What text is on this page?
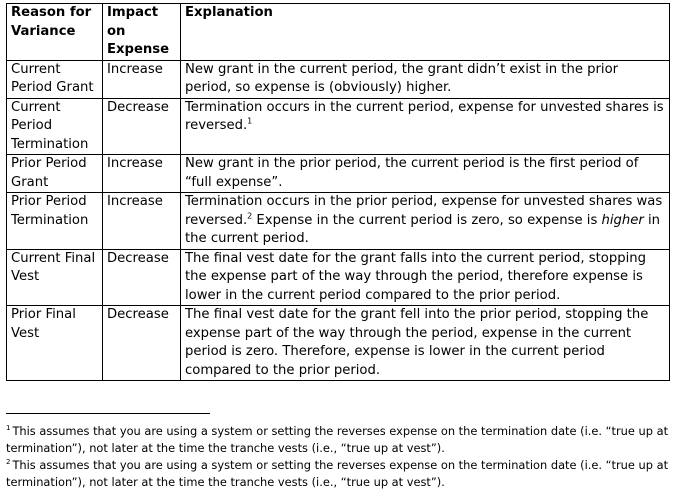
Reason for Variance	Impact on Expense	Explanation
Current Period Grant	Increase	New grant in the current period, the grant didn’t exist in the prior period, so expense is (obviously) higher.
Current Period Termination	Decrease	Termination occurs in the current period, expense for unvested shares is reversed.$^1$
Prior Period Grant	Increase	New grant in the prior period, the current period is the first period of “full expense”.
Prior Period Termination	Increase	Termination occurs in the prior period, expense for unvested shares was reversed.$^2$ Expense in the current period is zero, so expense is higher in the current period.
Current Final Vest	Decrease	The final vest date for the grant falls into the current period, stopping the expense part of the way through the period, therefore expense is lower in the current period compared to the prior period.
Prior Final Vest	Decrease	The final vest date for the grant fell into the prior period, stopping the expense part of the way through the period, expense in the current period is zero. Therefore, expense is lower in the current period compared to the prior period.
$^1$ This assumes that you are using a system or setting the reverses expense on the termination date (i.e. “true up at termination”), not later at the time the tranche vests (i.e., “true up at vest”).
$^2$ This assumes that you are using a system or setting the reverses expense on the termination date (i.e. “true up at termination”), not later at the time the tranche vests (i.e., “true up at vest”).
